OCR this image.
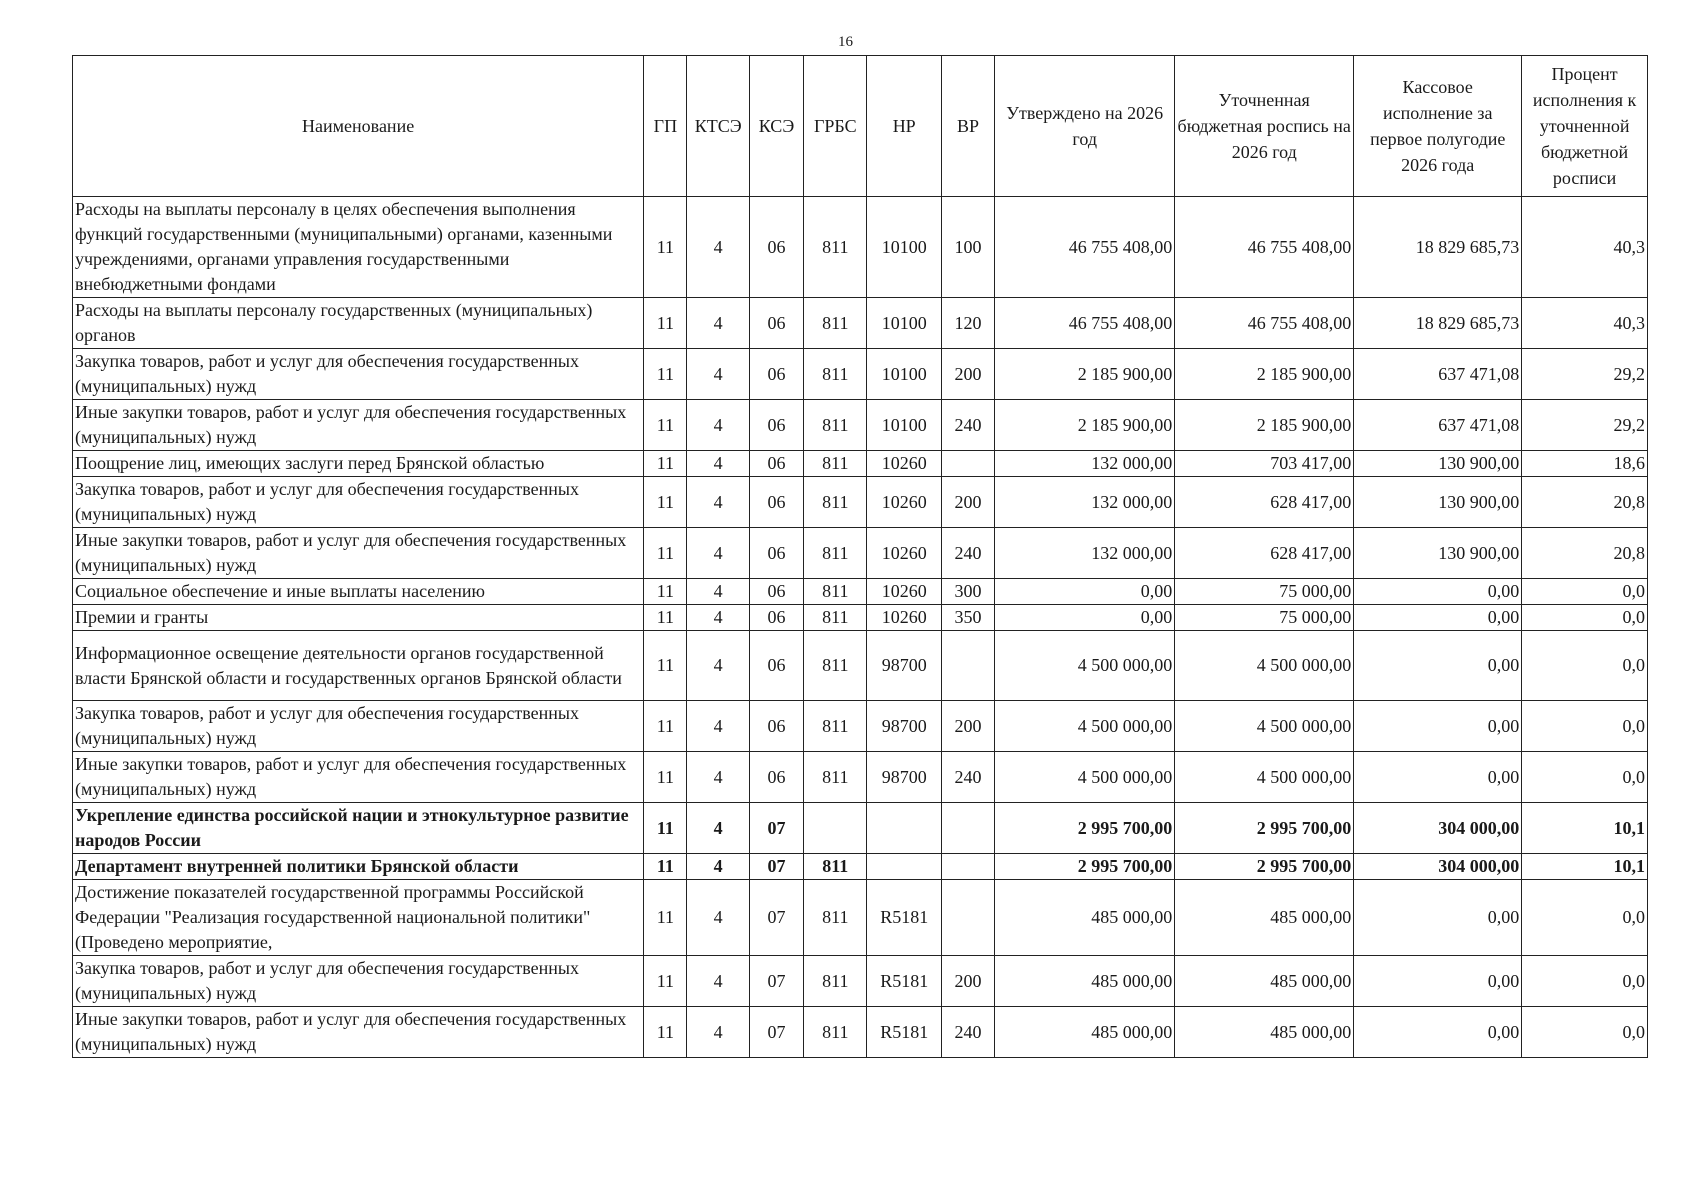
16
Наименование	ГП	КТСЭ	КСЭ	ГРБС	НР	ВР	Утверждено на 2026 год	Уточненная бюджетная роспись на 2026 год	Кассовое исполнение за первое полугодие 2026 года	Процент исполнения к уточненной бюджетной росписи
Расходы на выплаты персоналу в целях обеспечения выполнения функций государственными (муниципальными) органами, казенными учреждениями, органами управления государственными внебюджетными фондами	11	4	06	811	10100	100	46 755 408,00	46 755 408,00	18 829 685,73	40,3
Расходы на выплаты персоналу государственных (муниципальных) органов	11	4	06	811	10100	120	46 755 408,00	46 755 408,00	18 829 685,73	40,3
Закупка товаров, работ и услуг для обеспечения государственных (муниципальных) нужд	11	4	06	811	10100	200	2 185 900,00	2 185 900,00	637 471,08	29,2
Иные закупки товаров, работ и услуг для обеспечения государственных (муниципальных) нужд	11	4	06	811	10100	240	2 185 900,00	2 185 900,00	637 471,08	29,2
Поощрение лиц, имеющих заслуги перед Брянской областью	11	4	06	811	10260		132 000,00	703 417,00	130 900,00	18,6
Закупка товаров, работ и услуг для обеспечения государственных (муниципальных) нужд	11	4	06	811	10260	200	132 000,00	628 417,00	130 900,00	20,8
Иные закупки товаров, работ и услуг для обеспечения государственных (муниципальных) нужд	11	4	06	811	10260	240	132 000,00	628 417,00	130 900,00	20,8
Социальное обеспечение и иные выплаты населению	11	4	06	811	10260	300	0,00	75 000,00	0,00	0,0
Премии и гранты	11	4	06	811	10260	350	0,00	75 000,00	0,00	0,0
Информационное освещение деятельности органов государственной власти Брянской области и государственных органов Брянской области	11	4	06	811	98700		4 500 000,00	4 500 000,00	0,00	0,0
Закупка товаров, работ и услуг для обеспечения государственных (муниципальных) нужд	11	4	06	811	98700	200	4 500 000,00	4 500 000,00	0,00	0,0
Иные закупки товаров, работ и услуг для обеспечения государственных (муниципальных) нужд	11	4	06	811	98700	240	4 500 000,00	4 500 000,00	0,00	0,0
Укрепление единства российской нации и этнокультурное развитие народов России	11	4	07				2 995 700,00	2 995 700,00	304 000,00	10,1
Департамент внутренней политики Брянской области	11	4	07	811			2 995 700,00	2 995 700,00	304 000,00	10,1
Достижение показателей государственной программы Российской Федерации "Реализация государственной национальной политики" (Проведено мероприятие,	11	4	07	811	R5181		485 000,00	485 000,00	0,00	0,0
Закупка товаров, работ и услуг для обеспечения государственных (муниципальных) нужд	11	4	07	811	R5181	200	485 000,00	485 000,00	0,00	0,0
Иные закупки товаров, работ и услуг для обеспечения государственных (муниципальных) нужд	11	4	07	811	R5181	240	485 000,00	485 000,00	0,00	0,0
